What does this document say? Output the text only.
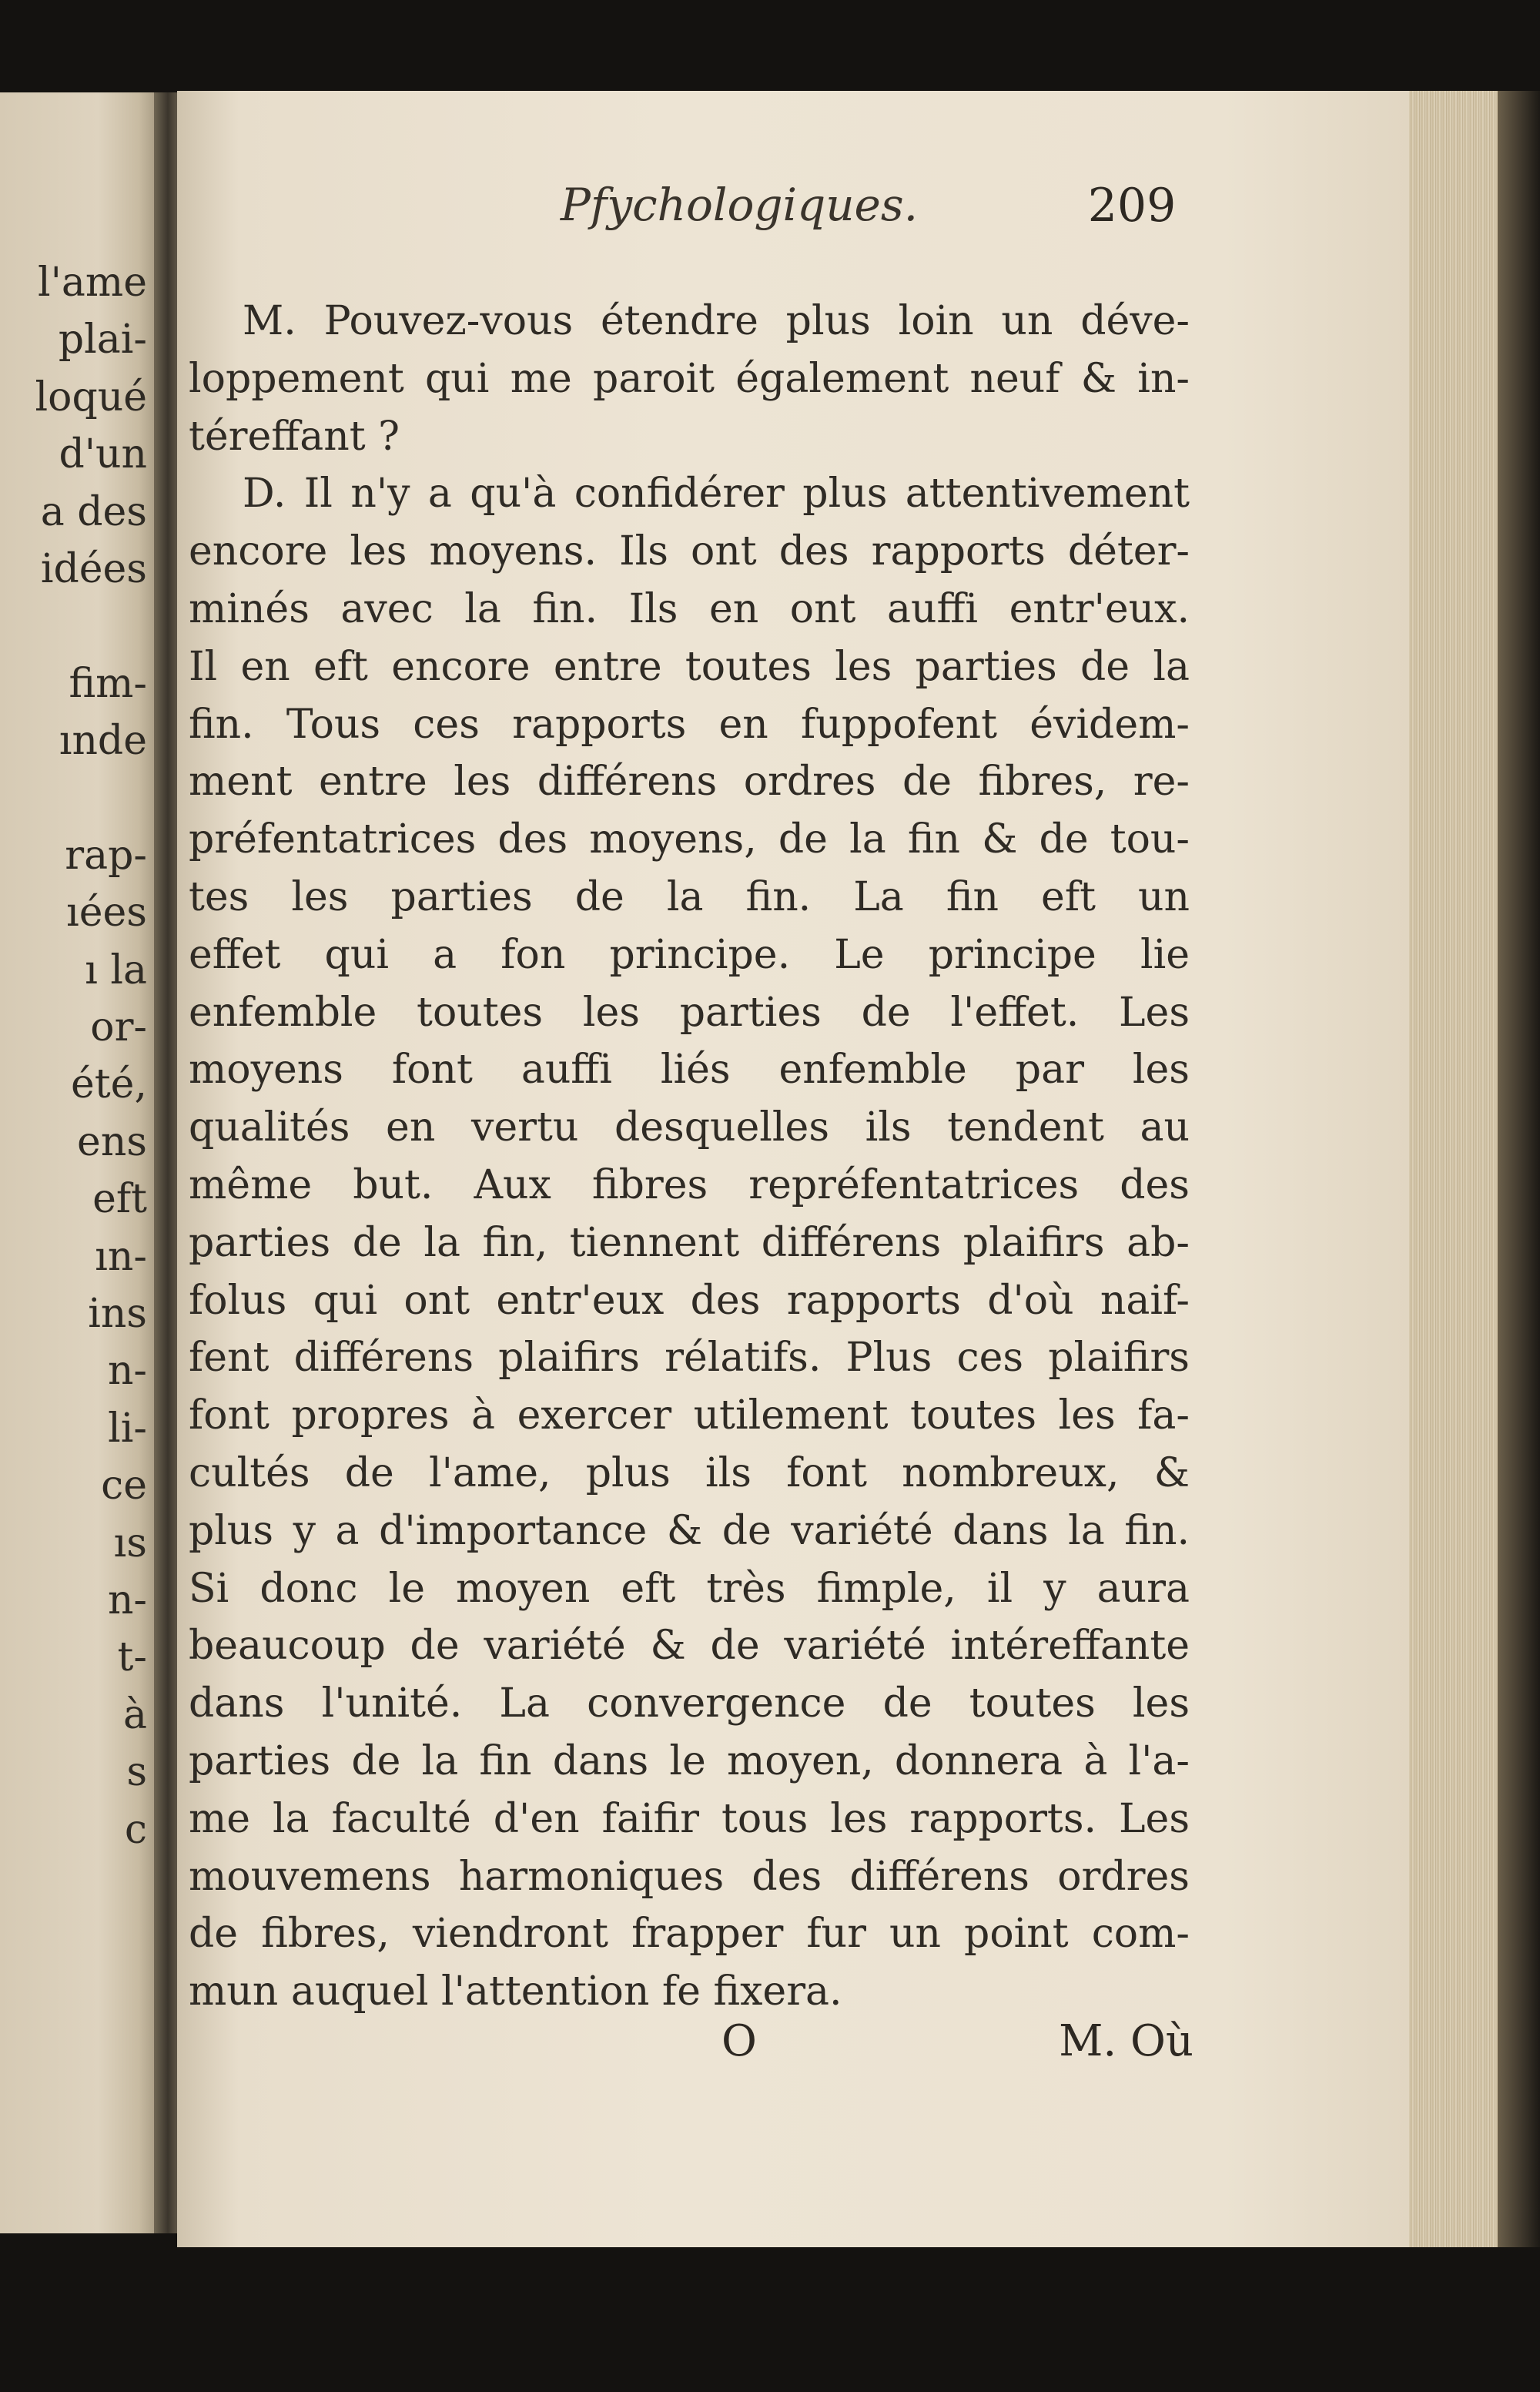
l'ame
plai-
loqué
d'un
a des
idées
fim-
ınde
rap-
ıées
ı la
or-
été,
ens
eft
ın-
ins
n-
li-
ce
ıs
n-
t-
à
s
c
Pfychologiques.	209
M. Pouvez-vous étendre plus loin un déve-
loppement qui me paroit également neuf & in-
téreffant ?
D. Il n'y a qu'à confidérer plus attentivement
encore les moyens. Ils ont des rapports déter-
minés avec la fin. Ils en ont auffi entr'eux.
Il en eft encore entre toutes les parties de la
fin. Tous ces rapports en fuppofent évidem-
ment entre les différens ordres de fibres, re-
préfentatrices des moyens, de la fin & de tou-
tes les parties de la fin. La fin eft un
effet qui a fon principe. Le principe lie
enfemble toutes les parties de l'effet. Les
moyens font auffi liés enfemble par les
qualités en vertu desquelles ils tendent au
même but. Aux fibres repréfentatrices des
parties de la fin, tiennent différens plaifirs ab-
folus qui ont entr'eux des rapports d'où naif-
fent différens plaifirs rélatifs. Plus ces plaifirs
font propres à exercer utilement toutes les fa-
cultés de l'ame, plus ils font nombreux, &
plus y a d'importance & de variété dans la fin.
Si donc le moyen eft très fimple, il y aura
beaucoup de variété & de variété intéreffante
dans l'unité. La convergence de toutes les
parties de la fin dans le moyen, donnera à l'a-
me la faculté d'en faifir tous les rapports. Les
mouvemens harmoniques des différens ordres
de fibres, viendront frapper fur un point com-
mun auquel l'attention fe fixera.
O	M. Où
